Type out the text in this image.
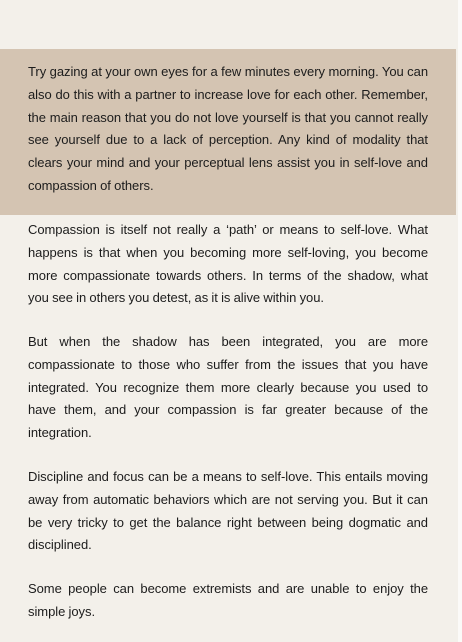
Try gazing at your own eyes for a few minutes every morning. You can also do this with a partner to increase love for each other. Remember, the main reason that you do not love yourself is that you cannot really see yourself due to a lack of perception. Any kind of modality that clears your mind and your perceptual lens assist you in self-love and compassion of others.

Compassion is itself not really a ‘path’ or means to self-love. What happens is that when you becoming more self-loving, you become more compassionate towards others. In terms of the shadow, what you see in others you detest, as it is alive within you.

But when the shadow has been integrated, you are more compassionate to those who suffer from the issues that you have integrated. You recognize them more clearly because you used to have them, and your compassion is far greater because of the integration.

Discipline and focus can be a means to self-love. This entails moving away from automatic behaviors which are not serving you. But it can be very tricky to get the balance right between being dogmatic and disciplined.

Some people can become extremists and are unable to enjoy the simple joys.
